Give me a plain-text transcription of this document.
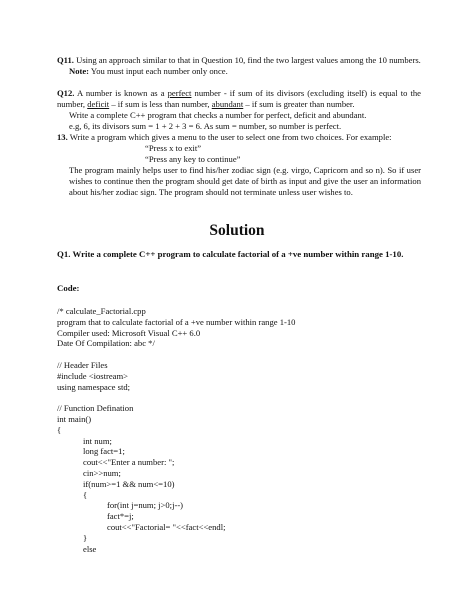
Q11. Using an approach similar to that in Question 10, find the two largest values among the 10 numbers.
Note: You must input each number only once.
Q12. A number is known as a perfect number - if sum of its divisors (excluding itself) is equal to the number, deficit – if sum is less than number, abundant – if sum is greater than number.
Write a complete C++ program that checks a number for perfect, deficit and abundant.
e.g, 6, its divisors sum = 1 + 2 + 3 = 6. As sum = number, so number is perfect.
13. Write a program which gives a menu to the user to select one from two choices. For example:
“Press x to exit”
“Press any key to continue”
The program mainly helps user to find his/her zodiac sign (e.g. virgo, Capricorn and so n). So if user wishes to continue then the program should get date of birth as input and give the user an information about his/her zodiac sign. The program should not terminate unless user wishes to.
Solution
Q1. Write a complete C++ program to calculate factorial of a +ve number within range 1-10.
Code:
/* calculate_Factorial.cpp
program that to calculate factorial of a +ve number within range 1-10
Compiler used: Microsoft Visual C++ 6.0
Date Of Compilation: abc */
// Header Files
#include <iostream>
using namespace std;
// Function Defination
int main()
{
int num;
long fact=1;
cout<<"Enter a number: ";
cin>>num;
if(num>=1 && num<=10)
{
for(int j=num; j>0;j--)
fact*=j;
cout<<"Factorial= "<<fact<<endl;
}
else
